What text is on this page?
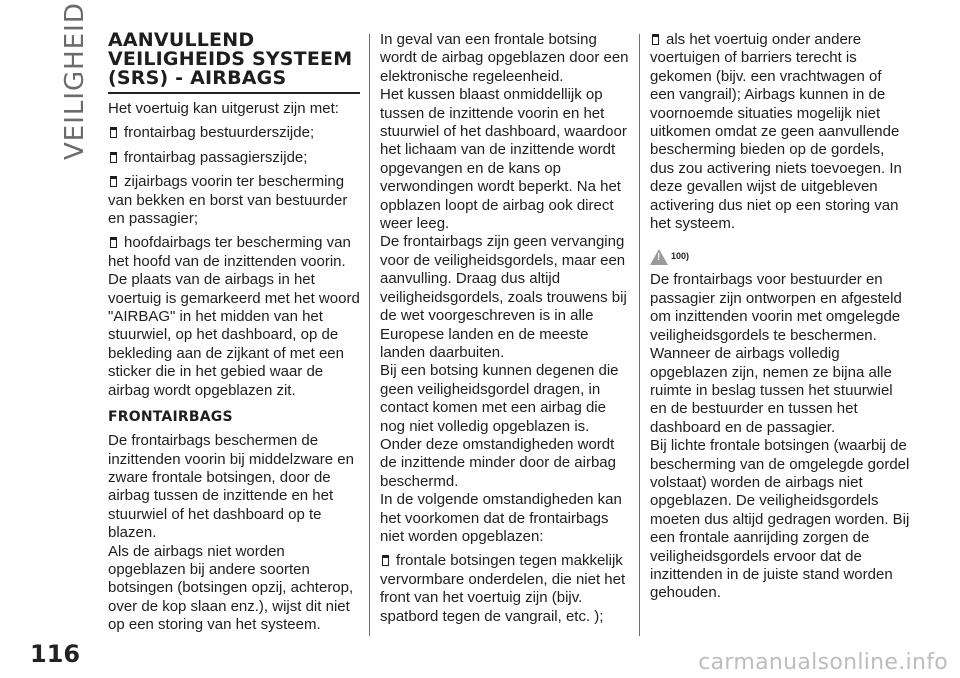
VEILIGHEID
116	carmanualsonline.info
AANVULLEND VEILIGHEIDS SYSTEEM (SRS) - AIRBAGS

Het voertuig kan uitgerust zijn met:

frontairbag bestuurderszijde;

frontairbag passagierszijde;

zijairbags voorin ter bescherming van bekken en borst van bestuurder en passagier;

hoofdairbags ter bescherming van het hoofd van de inzittenden voorin.

De plaats van de airbags in het voertuig is gemarkeerd met het woord "AIRBAG" in het midden van het stuurwiel, op het dashboard, op de bekleding aan de zijkant of met een sticker die in het gebied waar de airbag wordt opgeblazen zit.

FRONTAIRBAGS

De frontairbags beschermen de inzittenden voorin bij middelzware en zware frontale botsingen, door de airbag tussen de inzittende en het stuurwiel of het dashboard op te blazen.

Als de airbags niet worden opgeblazen bij andere soorten botsingen (botsingen opzij, achterop, over de kop slaan enz.), wijst dit niet op een storing van het systeem.

In geval van een frontale botsing wordt de airbag opgeblazen door een elektronische regeleenheid.

Het kussen blaast onmiddellijk op tussen de inzittende voorin en het stuurwiel of het dashboard, waardoor het lichaam van de inzittende wordt opgevangen en de kans op verwondingen wordt beperkt. Na het opblazen loopt de airbag ook direct weer leeg.

De frontairbags zijn geen vervanging voor de veiligheidsgordels, maar een aanvulling. Draag dus altijd veiligheidsgordels, zoals trouwens bij de wet voorgeschreven is in alle Europese landen en de meeste landen daarbuiten.

Bij een botsing kunnen degenen die geen veiligheidsgordel dragen, in contact komen met een airbag die nog niet volledig opgeblazen is. Onder deze omstandigheden wordt de inzittende minder door de airbag beschermd.

In de volgende omstandigheden kan het voorkomen dat de frontairbags niet worden opgeblazen:

frontale botsingen tegen makkelijk vervormbare onderdelen, die niet het front van het voertuig zijn (bijv. spatbord tegen de vangrail, etc. );

als het voertuig onder andere voertuigen of barriers terecht is gekomen (bijv. een vrachtwagen of een vangrail); Airbags kunnen in de voornoemde situaties mogelijk niet uitkomen omdat ze geen aanvullende bescherming bieden op de gordels, dus zou activering niets toevoegen. In deze gevallen wijst de uitgebleven activering dus niet op een storing van het systeem.

!$^{100)}$

De frontairbags voor bestuurder en passagier zijn ontworpen en afgesteld om inzittenden voorin met omgelegde veiligheidsgordels te beschermen. Wanneer de airbags volledig opgeblazen zijn, nemen ze bijna alle ruimte in beslag tussen het stuurwiel en de bestuurder en tussen het dashboard en de passagier.

Bij lichte frontale botsingen (waarbij de bescherming van de omgelegde gordel volstaat) worden de airbags niet opgeblazen. De veiligheidsgordels moeten dus altijd gedragen worden. Bij een frontale aanrijding zorgen de veiligheidsgordels ervoor dat de inzittenden in de juiste stand worden gehouden.
